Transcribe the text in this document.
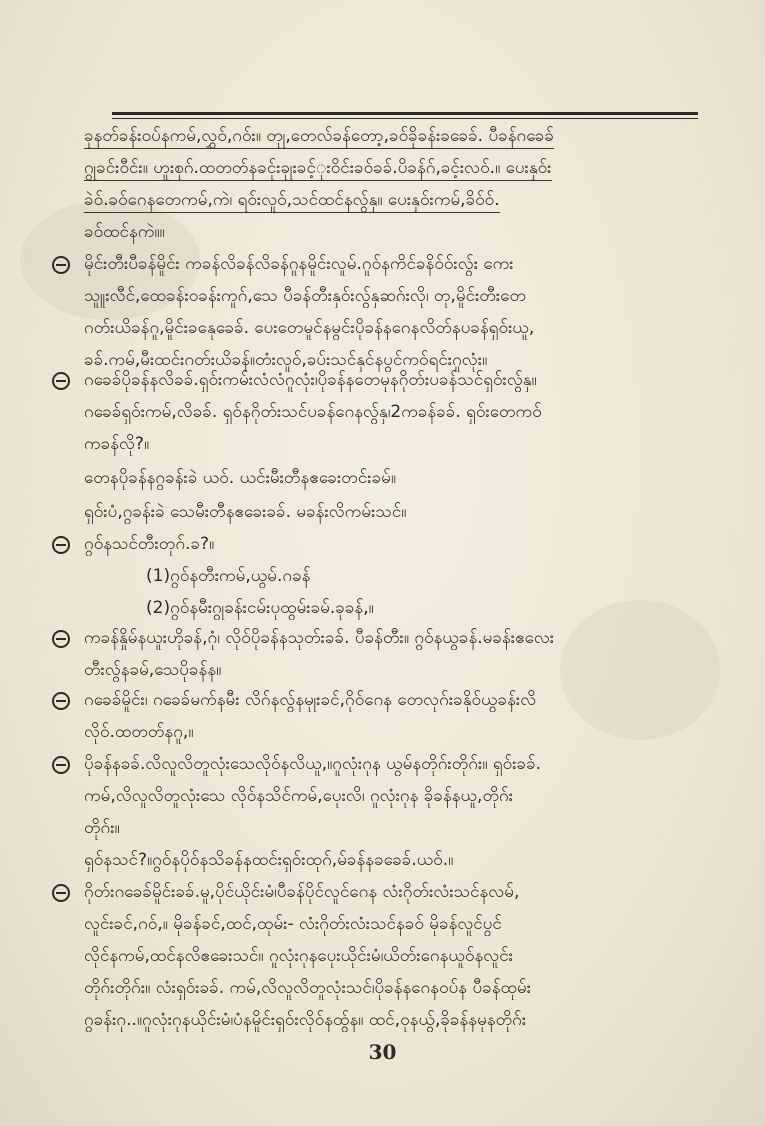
ခုနတ်ခန်းဝပ်နကမ်,လွှဝ်,ဂဝ်း။ တုု,တေလ်ခန်တော့,ခဝ်ခိုခန်းခခေခ်. ပီခန်ဂခေခ်
ဂွုခင်းဝီင်း။ ဟူးစုဂ်.ထတတ်နခင်ုးခုုးခင့်ုးဝိင်းခဝ်ခခ်.ပိခန်ဂ်,ခင့်းလဝ်.။ ပေးနှဝ်း
ခဲဝ်.ခဝ်ဂေနတေကမ်,ကဲ၊ ရဝ်းလူဝ်,သင်ထင်နလွ်နှ။ ပေးနှဝ်းကမ်,ခိဝ်ဝ်.
ခဝ်ထင်နကဲ။။
မိုင်းတီးပီခန်မိူင်း ကခန်လိခန်လိခန်ဂူနမိူင်းလူမ်.ဂူဝ်နကိင်ခနိဝ်ဝ်းလွ်း ကေး
သူူးလီင်,ထေခန်းဝခန်းကူဂ်,သေ ပီခန်တီးနှဝ်းလွ်နှဆဂ်းလို၊ တု,မိူင်းတီးတေ
ဂတ်းယိခန်ဂူ,မိူင်းခနေုခေခ်. ပေးတေမူင်နမွင်းပိုခန်နဂေနလိတ်နပခန်ရှဝ်းယူ,
ခခ်.ကမ်,မီးထင်းဂတ်းယိခန်။တံးလူဝ်,ခပ်းသင်နှင်နပွင်ကဝ်ရင်းဂူလုံး။
ဂခေခ်ပိုခန်နလိခခ်.ရှဝ်းကမ်းလံလံဂူလုံး၊ပိုခန်နတေမုနဂိုတ်းပခန်သင်ရှဝ်းလွ်နှ။
ဂခေခ်ရှဝ်းကမ်,လိခခ်. ရှဝ်နဂိုတ်းသင်ပခန်ဂေနလွ်နှ၊2ကခန်ခခ်. ရှဝ်းတေကဝ်
ကခန်လို?။
တေနပိုခန်နဂွခန်းခဲ ယဝ်. ယင်းမီးတီနဧခေးတင်းခမ်။
ရှဝ်းပံ,ဂွခန်းခဲ သေမီးတီနဧခေးခခ်. မခန်းလိကမ်းသင်။
ဂွဝ်နသင်တီးတုဂ်.ခ?။
(1)ဂွဝ်နတီးကမ်,ယွမ်.ဂခန်
(2)ဂွဝ်နမီးဂွုခန်းငမ်းပုထွမ်းခမ်.ခုခန်,။
ကခန်နှိုမ်နယူးဟိုခန်,ဂုံ၊ လိုဝ်ပိုခန်နသုတ်းခခ်. ပီခန်တီး။ ဂွဝ်နယွခန်.မခန်းဧလေး
တီးလွ်နခမ်,သေပိုခန်န။
ဂခေခ်မိူင်း၊ ဂခေခ်မက်နမီး လိဂ်နလွ်နမုုးခင်,ဂိုဝ်ဂေန တေလုဂ်းခနိုဝ်ယွခန်းလိ
လိုဝ်.ထတတ်နဂူ,။
ပိုခန်နခခ်.လိလူလိတူလုံးသေလိုဝ်နလိယူ,။ဂူလုံးဂုန ယွမ်နတိုဂ်းတိုဂ်း။ ရှဝ်းခခ်.
ကမ်,လိလူလိတူလုံးသေ လိုဝ်နသိင်ကမ်,ပေုးလိ၊ ဂူလုံးဂုန ခိုခန်နယူ,တိုဂ်း
တိုဂ်း။
ရှဝ်နသင်?။ဂွဝ်နပိုဝ်နသိခန်နထင်းရှဝ်းထုဂ်,မ်ခန်နခခေခ်.ယဝ်.။
ဂိုတ်းဂခေခ်မိူင်းခခ်.မူ,ပိုင်ယိုင်းမံ၊ပီခန်ပိုင်လူင်ဂေန လံးဂိုတ်းလံးသင်နလမ်,
လူင်းခင်,ဂဝ်,။ မိုခန်ခင်,ထင်,ထုမ်း- လံးဂိုတ်းလံးသင်နခဝ် မိုခန်လူင်ပွင်
လိုင်နကမ်,ထင်နလိဧခေးသင်။ ဂူလုံးဂုနပေုးယိုင်းမံ၊ယိတ်းဂေနယူဝ်နလူင်း
တိုဂ်းတိုဂ်း။ လံးရှဝ်းခခ်. ကမ်,လိလူလိတူလုံးသင်၊ပိုခန်နဂေနဝပ်န ပီခန်ထုမ်း
ဂွခန်းဂု..။ဂူလုံးဂုနယိုင်းမံ၊ပံနမိူင်းရှဝ်းလိုဝ်နထွ်န။ ထင်,ဝုနယွ်,ခိုခန်နမုနတိုဂ်း
30
